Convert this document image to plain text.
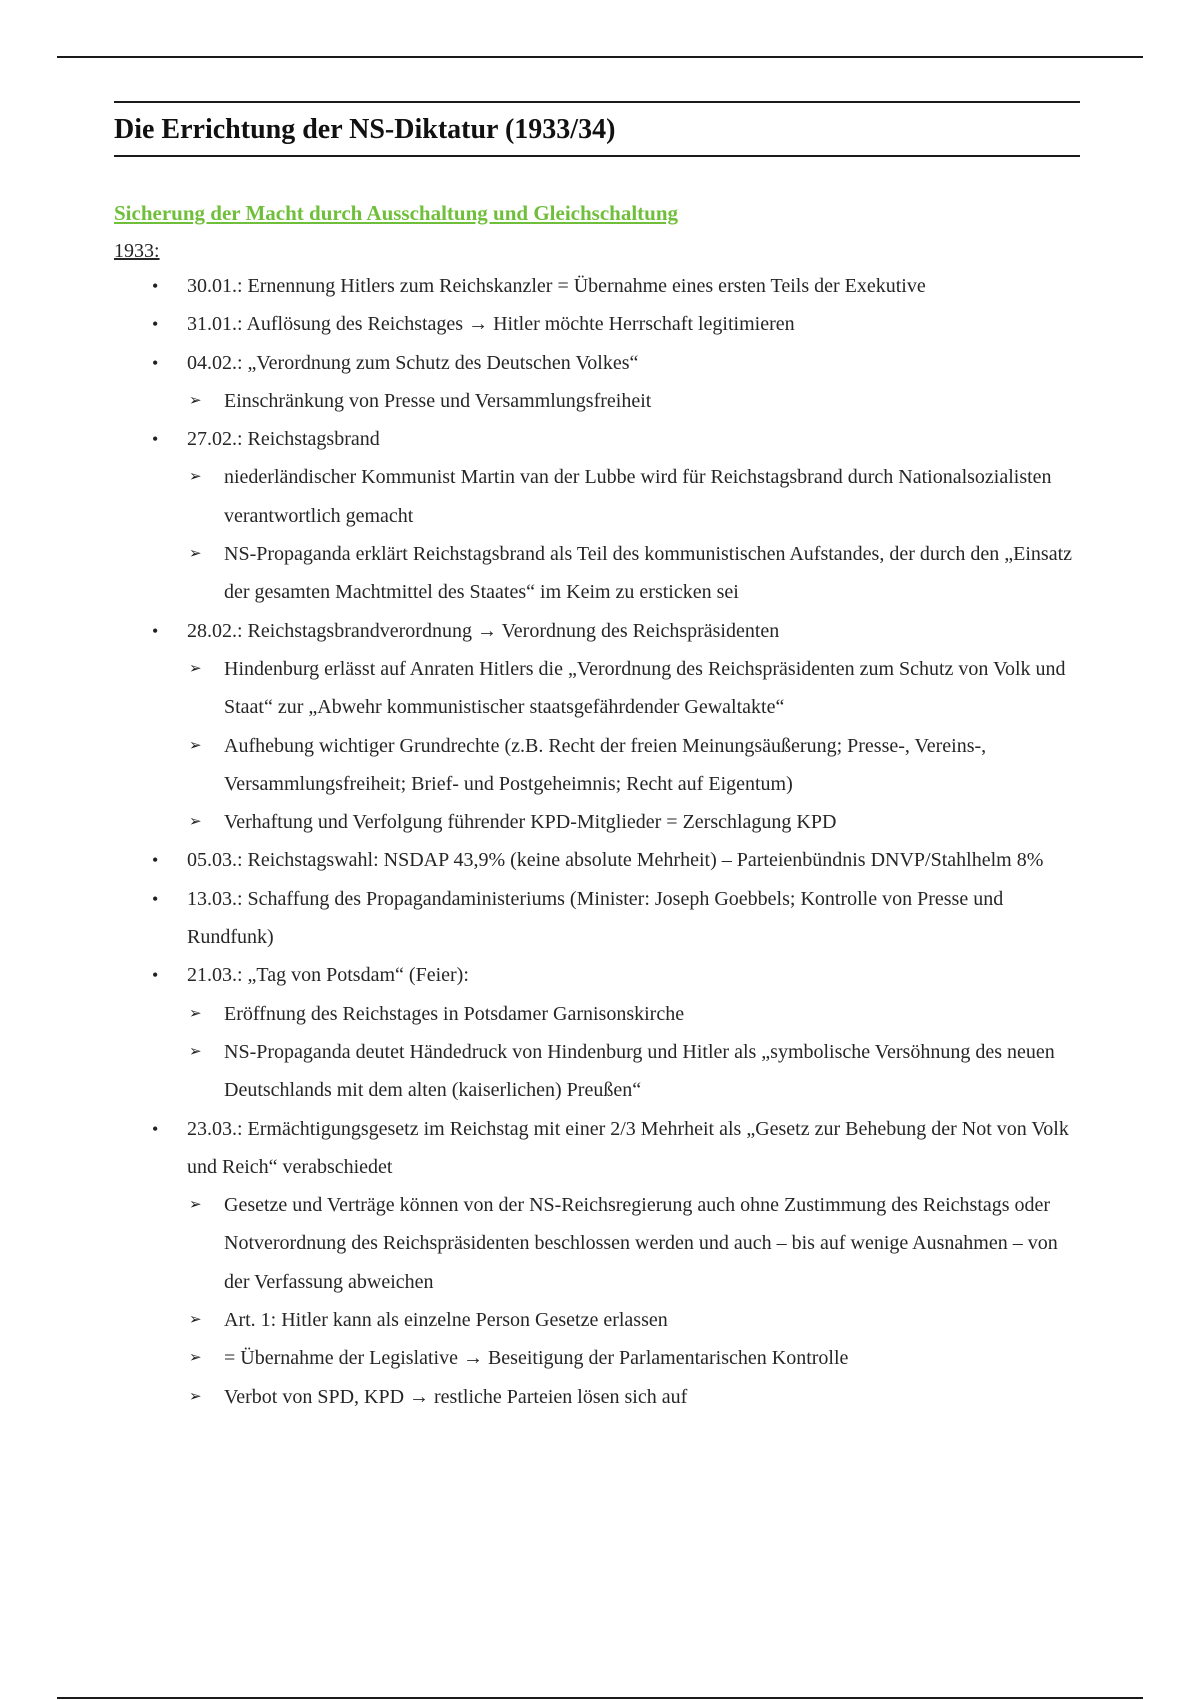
Die Errichtung der NS-Diktatur (1933/34)
Sicherung der Macht durch Ausschaltung und Gleichschaltung
1933:
• 30.01.: Ernennung Hitlers zum Reichskanzler = Übernahme eines ersten Teils der Exekutive
• 31.01.: Auflösung des Reichstages → Hitler möchte Herrschaft legitimieren
• 04.02.: „Verordnung zum Schutz des Deutschen Volkes“
➢ Einschränkung von Presse und Versammlungsfreiheit
• 27.02.: Reichstagsbrand
➢ niederländischer Kommunist Martin van der Lubbe wird für Reichstagsbrand durch Nationalsozialisten verantwortlich gemacht
➢ NS-Propaganda erklärt Reichstagsbrand als Teil des kommunistischen Aufstandes, der durch den „Einsatz der gesamten Machtmittel des Staates“ im Keim zu ersticken sei
• 28.02.: Reichstagsbrandverordnung → Verordnung des Reichspräsidenten
➢ Hindenburg erlässt auf Anraten Hitlers die „Verordnung des Reichspräsidenten zum Schutz von Volk und Staat“ zur „Abwehr kommunistischer staatsgefährdender Gewaltakte“
➢ Aufhebung wichtiger Grundrechte (z.B. Recht der freien Meinungsäußerung; Presse-, Vereins-, Versammlungsfreiheit; Brief- und Postgeheimnis; Recht auf Eigentum)
➢ Verhaftung und Verfolgung führender KPD-Mitglieder = Zerschlagung KPD
• 05.03.: Reichstagswahl: NSDAP 43,9% (keine absolute Mehrheit) – Parteienbündnis DNVP/Stahlhelm 8%
• 13.03.: Schaffung des Propagandaministeriums (Minister: Joseph Goebbels; Kontrolle von Presse und Rundfunk)
• 21.03.: „Tag von Potsdam“ (Feier):
➢ Eröffnung des Reichstages in Potsdamer Garnisonskirche
➢ NS-Propaganda deutet Händedruck von Hindenburg und Hitler als „symbolische Versöhnung des neuen Deutschlands mit dem alten (kaiserlichen) Preußen“
• 23.03.: Ermächtigungsgesetz im Reichstag mit einer 2/3 Mehrheit als „Gesetz zur Behebung der Not von Volk und Reich“ verabschiedet
➢ Gesetze und Verträge können von der NS-Reichsregierung auch ohne Zustimmung des Reichstags oder Notverordnung des Reichspräsidenten beschlossen werden und auch – bis auf wenige Ausnahmen – von der Verfassung abweichen
➢ Art. 1: Hitler kann als einzelne Person Gesetze erlassen
➢ = Übernahme der Legislative → Beseitigung der Parlamentarischen Kontrolle
➢ Verbot von SPD, KPD → restliche Parteien lösen sich auf
